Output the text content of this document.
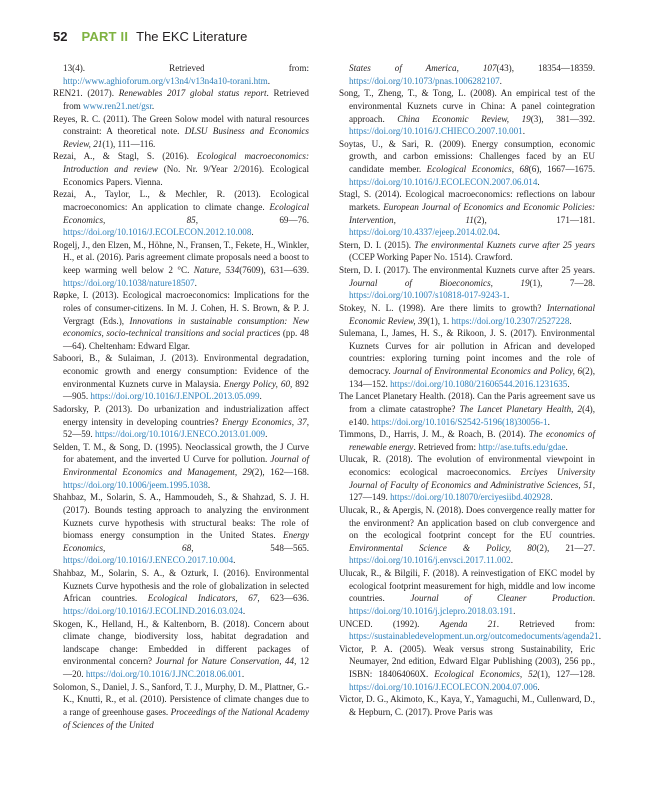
52 PART II The EKC Literature

13(4). Retrieved from: http://www.aghioforum.org/v13n4/v13n4a10-torani.htm.

REN21. (2017). Renewables 2017 global status report. Retrieved from www.ren21.net/gsr.

Reyes, R. C. (2011). The Green Solow model with natural resources constraint: A theoretical note. DLSU Business and Economics Review, 21(1), 111—116.

Rezai, A., & Stagl, S. (2016). Ecological macroeconomics: Introduction and review (No. Nr. 9/Year 2/2016). Ecological Economics Papers. Vienna.

Rezai, A., Taylor, L., & Mechler, R. (2013). Ecological macroeconomics: An application to climate change. Ecological Economics, 85, 69—76. https://doi.org/10.1016/J.ECOLECON.2012.10.008.

Rogelj, J., den Elzen, M., Höhne, N., Fransen, T., Fekete, H., Winkler, H., et al. (2016). Paris agreement climate proposals need a boost to keep warming well below 2 °C. Nature, 534(7609), 631—639. https://doi.org/10.1038/nature18507.

Røpke, I. (2013). Ecological macroeconomics: Implications for the roles of consumer-citizens. In M. J. Cohen, H. S. Brown, & P. J. Vergragt (Eds.), Innovations in sustainable consumption: New economics, socio-technical transitions and social practices (pp. 48—64). Cheltenham: Edward Elgar.

Saboori, B., & Sulaiman, J. (2013). Environmental degradation, economic growth and energy consumption: Evidence of the environmental Kuznets curve in Malaysia. Energy Policy, 60, 892—905. https://doi.org/10.1016/J.ENPOL.2013.05.099.

Sadorsky, P. (2013). Do urbanization and industrialization affect energy intensity in developing countries? Energy Economics, 37, 52—59. https://doi.org/10.1016/J.ENECO.2013.01.009.

Selden, T. M., & Song, D. (1995). Neoclassical growth, the J Curve for abatement, and the inverted U Curve for pollution. Journal of Environmental Economics and Management, 29(2), 162—168. https://doi.org/10.1006/jeem.1995.1038.

Shahbaz, M., Solarin, S. A., Hammoudeh, S., & Shahzad, S. J. H. (2017). Bounds testing approach to analyzing the environment Kuznets curve hypothesis with structural beaks: The role of biomass energy consumption in the United States. Energy Economics, 68, 548—565. https://doi.org/10.1016/J.ENECO.2017.10.004.

Shahbaz, M., Solarin, S. A., & Ozturk, I. (2016). Environmental Kuznets Curve hypothesis and the role of globalization in selected African countries. Ecological Indicators, 67, 623—636. https://doi.org/10.1016/J.ECOLIND.2016.03.024.

Skogen, K., Helland, H., & Kaltenborn, B. (2018). Concern about climate change, biodiversity loss, habitat degradation and landscape change: Embedded in different packages of environmental concern? Journal for Nature Conservation, 44, 12—20. https://doi.org/10.1016/J.JNC.2018.06.001.

Solomon, S., Daniel, J. S., Sanford, T. J., Murphy, D. M., Plattner, G.-K., Knutti, R., et al. (2010). Persistence of climate changes due to a range of greenhouse gases. Proceedings of the National Academy of Sciences of the United

States of America, 107(43), 18354—18359. https://doi.org/10.1073/pnas.1006282107.

Song, T., Zheng, T., & Tong, L. (2008). An empirical test of the environmental Kuznets curve in China: A panel cointegration approach. China Economic Review, 19(3), 381—392. https://doi.org/10.1016/J.CHIECO.2007.10.001.

Soytas, U., & Sari, R. (2009). Energy consumption, economic growth, and carbon emissions: Challenges faced by an EU candidate member. Ecological Economics, 68(6), 1667—1675. https://doi.org/10.1016/J.ECOLECON.2007.06.014.

Stagl, S. (2014). Ecological macroeconomics: reflections on labour markets. European Journal of Economics and Economic Policies: Intervention, 11(2), 171—181. https://doi.org/10.4337/ejeep.2014.02.04.

Stern, D. I. (2015). The environmental Kuznets curve after 25 years (CCEP Working Paper No. 1514). Crawford.

Stern, D. I. (2017). The environmental Kuznets curve after 25 years. Journal of Bioeconomics, 19(1), 7—28. https://doi.org/10.1007/s10818-017-9243-1.

Stokey, N. L. (1998). Are there limits to growth? International Economic Review, 39(1), 1. https://doi.org/10.2307/2527228.

Sulemana, I., James, H. S., & Rikoon, J. S. (2017). Environmental Kuznets Curves for air pollution in African and developed countries: exploring turning point incomes and the role of democracy. Journal of Environmental Economics and Policy, 6(2), 134—152. https://doi.org/10.1080/21606544.2016.1231635.

The Lancet Planetary Health. (2018). Can the Paris agreement save us from a climate catastrophe? The Lancet Planetary Health, 2(4), e140. https://doi.org/10.1016/S2542-5196(18)30056-1.

Timmons, D., Harris, J. M., & Roach, B. (2014). The economics of renewable energy. Retrieved from: http://ase.tufts.edu/gdae.

Ulucak, R. (2018). The evolution of environmental viewpoint in economics: ecological macroeconomics. Erciyes University Journal of Faculty of Economics and Administrative Sciences, 51, 127—149. https://doi.org/10.18070/erciyesiibd.402928.

Ulucak, R., & Apergis, N. (2018). Does convergence really matter for the environment? An application based on club convergence and on the ecological footprint concept for the EU countries. Environmental Science & Policy, 80(2), 21—27. https://doi.org/10.1016/j.envsci.2017.11.002.

Ulucak, R., & Bilgili, F. (2018). A reinvestigation of EKC model by ecological footprint measurement for high, middle and low income countries. Journal of Cleaner Production. https://doi.org/10.1016/j.jclepro.2018.03.191.

UNCED. (1992). Agenda 21. Retrieved from: https://sustainabledevelopment.un.org/outcomedocuments/agenda21.

Victor, P. A. (2005). Weak versus strong Sustainability, Eric Neumayer, 2nd edition, Edward Elgar Publishing (2003), 256 pp., ISBN: 184064060X. Ecological Economics, 52(1), 127—128. https://doi.org/10.1016/J.ECOLECON.2004.07.006.

Victor, D. G., Akimoto, K., Kaya, Y., Yamaguchi, M., Cullenward, D., & Hepburn, C. (2017). Prove Paris was
